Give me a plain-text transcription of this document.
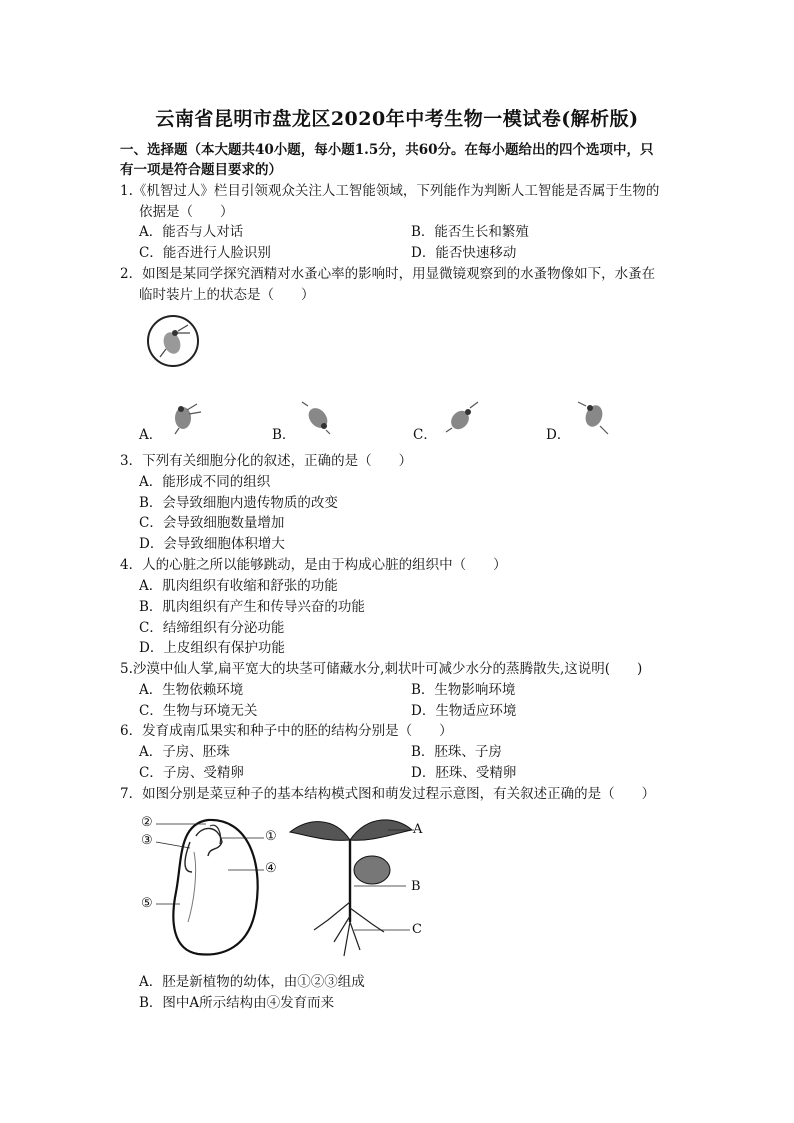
云南省昆明市盘龙区2020年中考生物一模试卷(解析版)
一、选择题（本大题共40小题，每小题1.5分，共60分。在每小题给出的四个选项中，只
有一项是符合题目要求的）
1.《机智过人》栏目引领观众关注人工智能领域，下列能作为判断人工智能是否属于生物的
依据是（　　）
A．能否与人对话	B．能否生长和繁殖
C．能否进行人脸识别	D．能否快速移动
2．如图是某同学探究酒精对水蚤心率的影响时，用显微镜观察到的水蚤物像如下，水蚤在
临时装片上的状态是（　　）
A．	B．	C．	D．
3．下列有关细胞分化的叙述，正确的是（　　）
A．能形成不同的组织
B．会导致细胞内遗传物质的改变
C．会导致细胞数量增加
D．会导致细胞体积增大
4．人的心脏之所以能够跳动，是由于构成心脏的组织中（　　）
A．肌肉组织有收缩和舒张的功能
B．肌肉组织有产生和传导兴奋的功能
C．结缔组织有分泌功能
D．上皮组织有保护功能
5.沙漠中仙人掌,扁平宽大的块茎可储藏水分,刺状叶可减少水分的蒸腾散失,这说明(　　)
A．生物依赖环境	B．生物影响环境
C．生物与环境无关	D．生物适应环境
6．发育成南瓜果实和种子中的胚的结构分别是（　　）
A．子房、胚珠	B．胚珠、子房
C．子房、受精卵	D．胚珠、受精卵
7．如图分别是菜豆种子的基本结构模式图和萌发过程示意图，有关叙述正确的是（　　）
②
③	①
④
⑤
A
B
C
A．胚是新植物的幼体，由①②③组成
B．图中A所示结构由④发育而来
